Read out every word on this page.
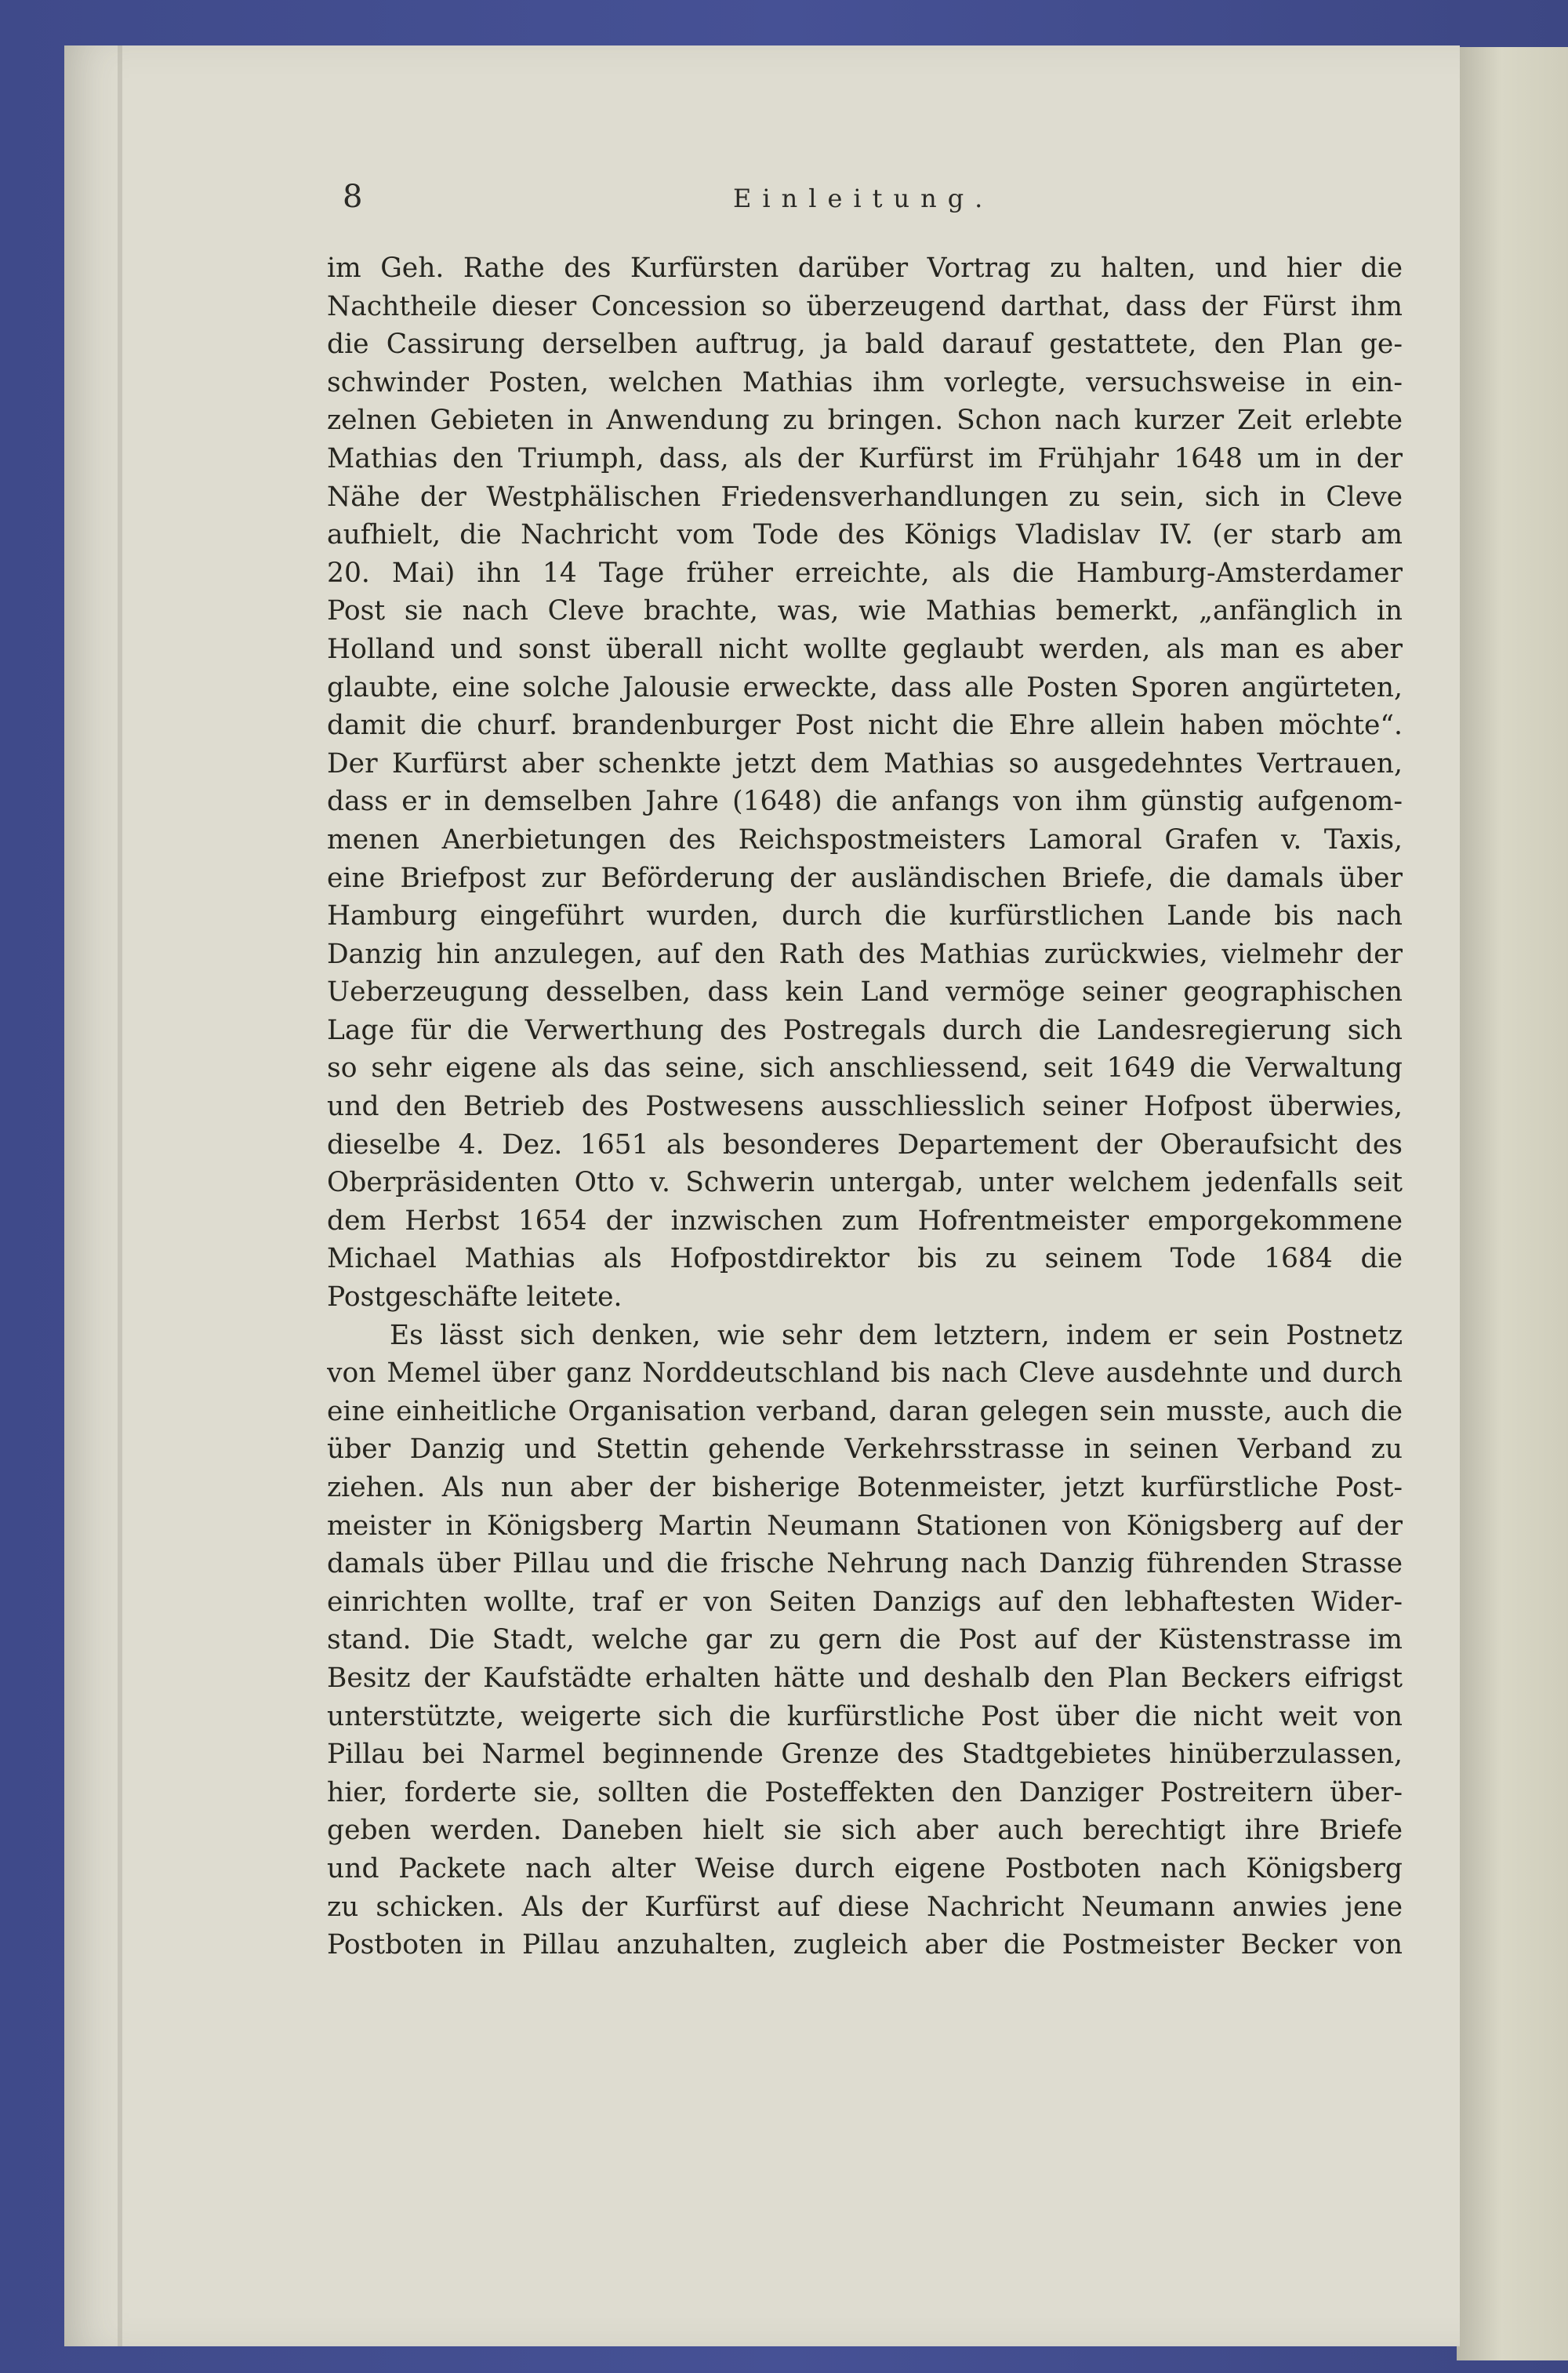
8	Einleitung.
im Geh. Rathe des Kurfürsten darüber Vortrag zu halten, und hier die
Nachtheile dieser Concession so überzeugend darthat, dass der Fürst ihm
die Cassirung derselben auftrug, ja bald darauf gestattete, den Plan ge-
schwinder Posten, welchen Mathias ihm vorlegte, versuchsweise in ein-
zelnen Gebieten in Anwendung zu bringen. Schon nach kurzer Zeit erlebte
Mathias den Triumph, dass, als der Kurfürst im Frühjahr 1648 um in der
Nähe der Westphälischen Friedensverhandlungen zu sein, sich in Cleve
aufhielt, die Nachricht vom Tode des Königs Vladislav IV. (er starb am
20. Mai) ihn 14 Tage früher erreichte, als die Hamburg-Amsterdamer
Post sie nach Cleve brachte, was, wie Mathias bemerkt, „anfänglich in
Holland und sonst überall nicht wollte geglaubt werden, als man es aber
glaubte, eine solche Jalousie erweckte, dass alle Posten Sporen angürteten,
damit die churf. brandenburger Post nicht die Ehre allein haben möchte“.
Der Kurfürst aber schenkte jetzt dem Mathias so ausgedehntes Vertrauen,
dass er in demselben Jahre (1648) die anfangs von ihm günstig aufgenom-
menen Anerbietungen des Reichspostmeisters Lamoral Grafen v. Taxis,
eine Briefpost zur Beförderung der ausländischen Briefe, die damals über
Hamburg eingeführt wurden, durch die kurfürstlichen Lande bis nach
Danzig hin anzulegen, auf den Rath des Mathias zurückwies, vielmehr der
Ueberzeugung desselben, dass kein Land vermöge seiner geographischen
Lage für die Verwerthung des Postregals durch die Landesregierung sich
so sehr eigene als das seine, sich anschliessend, seit 1649 die Verwaltung
und den Betrieb des Postwesens ausschliesslich seiner Hofpost überwies,
dieselbe 4. Dez. 1651 als besonderes Departement der Oberaufsicht des
Oberpräsidenten Otto v. Schwerin untergab, unter welchem jedenfalls seit
dem Herbst 1654 der inzwischen zum Hofrentmeister emporgekommene
Michael Mathias als Hofpostdirektor bis zu seinem Tode 1684 die
Postgeschäfte leitete.
Es lässt sich denken, wie sehr dem letztern, indem er sein Postnetz
von Memel über ganz Norddeutschland bis nach Cleve ausdehnte und durch
eine einheitliche Organisation verband, daran gelegen sein musste, auch die
über Danzig und Stettin gehende Verkehrsstrasse in seinen Verband zu
ziehen. Als nun aber der bisherige Botenmeister, jetzt kurfürstliche Post-
meister in Königsberg Martin Neumann Stationen von Königsberg auf der
damals über Pillau und die frische Nehrung nach Danzig führenden Strasse
einrichten wollte, traf er von Seiten Danzigs auf den lebhaftesten Wider-
stand. Die Stadt, welche gar zu gern die Post auf der Küstenstrasse im
Besitz der Kaufstädte erhalten hätte und deshalb den Plan Beckers eifrigst
unterstützte, weigerte sich die kurfürstliche Post über die nicht weit von
Pillau bei Narmel beginnende Grenze des Stadtgebietes hinüberzulassen,
hier, forderte sie, sollten die Posteffekten den Danziger Postreitern über-
geben werden. Daneben hielt sie sich aber auch berechtigt ihre Briefe
und Packete nach alter Weise durch eigene Postboten nach Königsberg
zu schicken. Als der Kurfürst auf diese Nachricht Neumann anwies jene
Postboten in Pillau anzuhalten, zugleich aber die Postmeister Becker von
